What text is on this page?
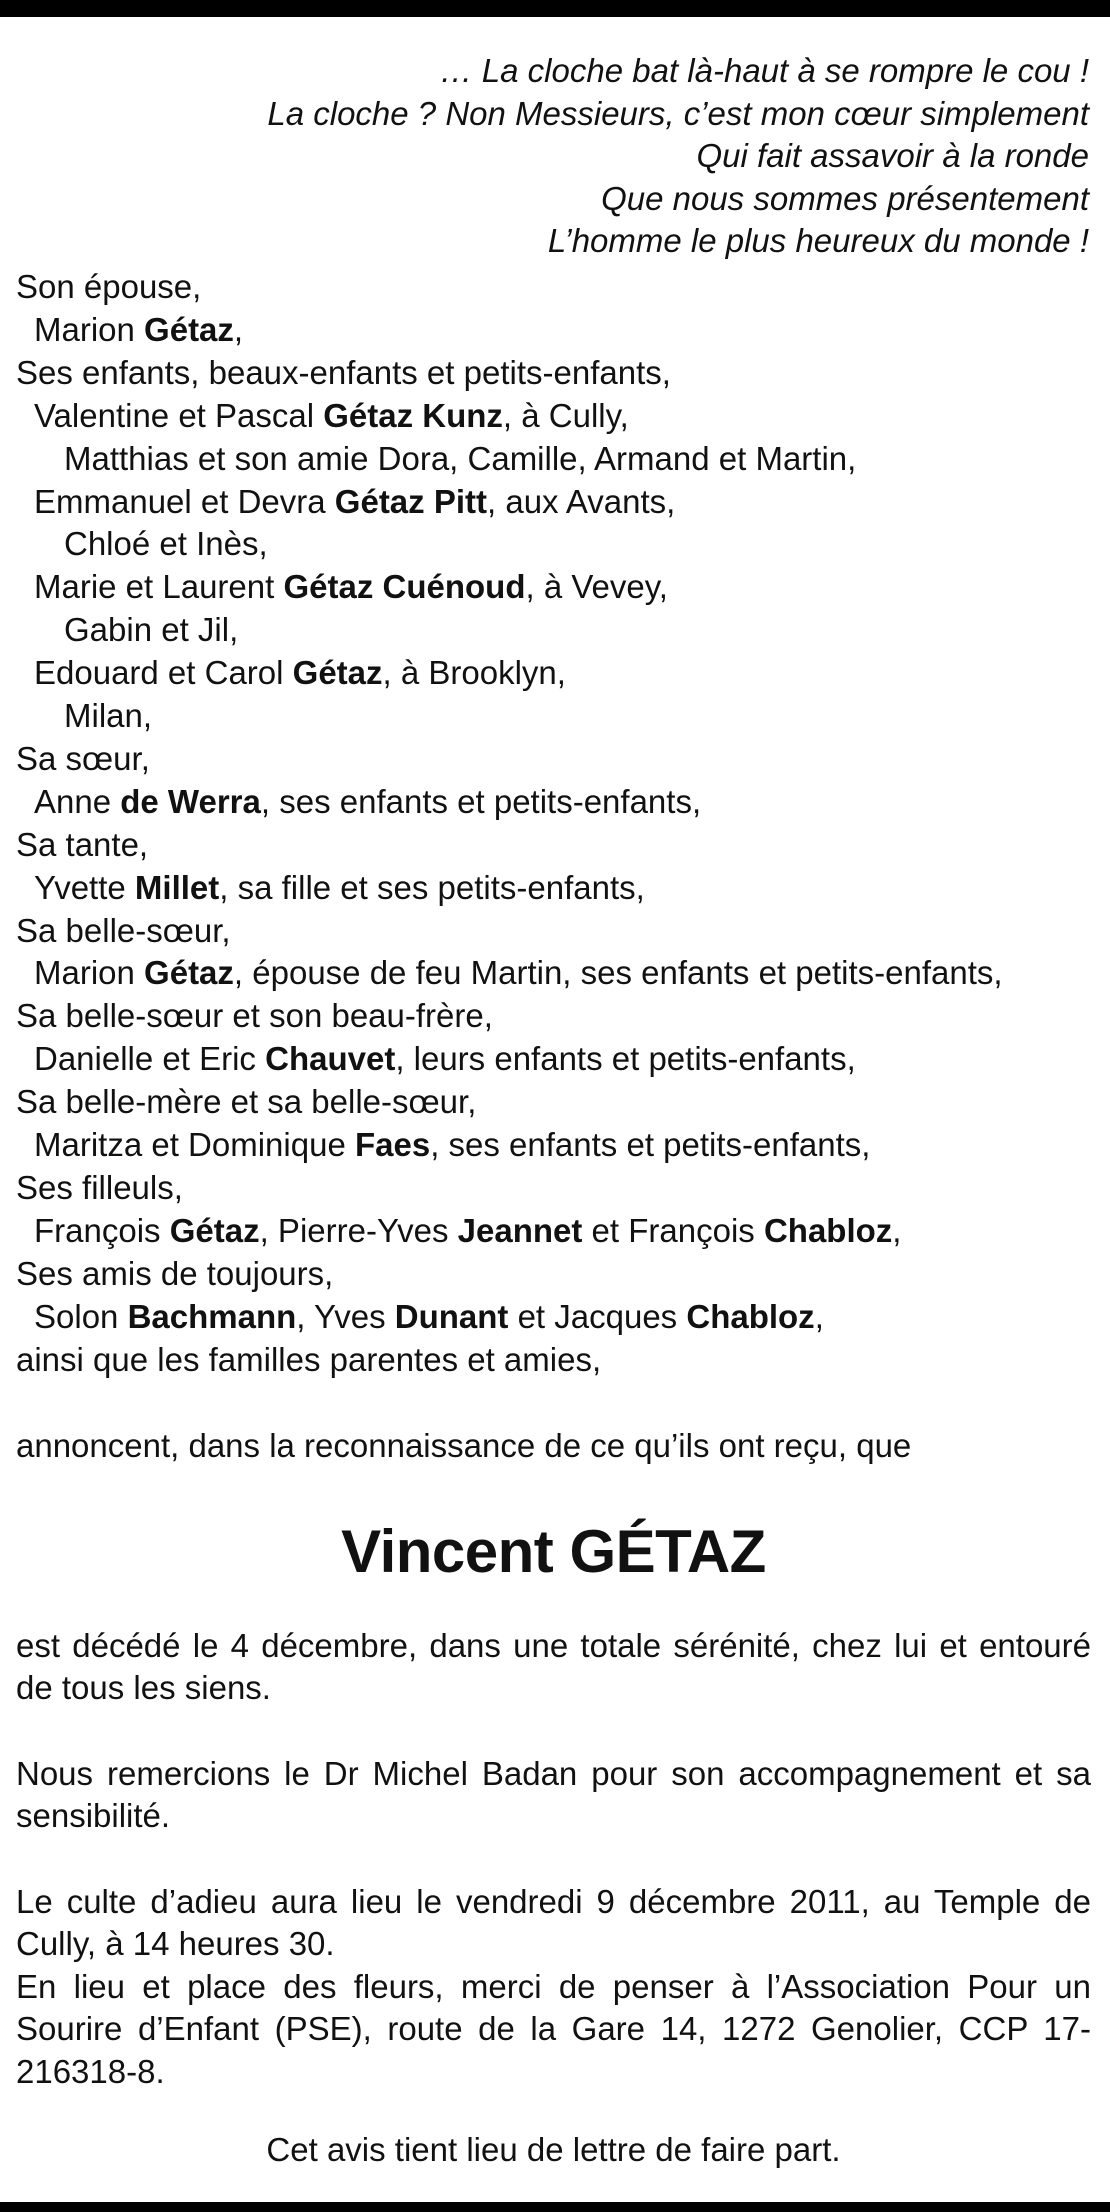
… La cloche bat là-haut à se rompre le cou !
La cloche ? Non Messieurs, c’est mon cœur simplement
Qui fait assavoir à la ronde
Que nous sommes présentement
L’homme le plus heureux du monde !
Son épouse,
Marion Gétaz,
Ses enfants, beaux-enfants et petits-enfants,
Valentine et Pascal Gétaz Kunz, à Cully,
Matthias et son amie Dora, Camille, Armand et Martin,
Emmanuel et Devra Gétaz Pitt, aux Avants,
Chloé et Inès,
Marie et Laurent Gétaz Cuénoud, à Vevey,
Gabin et Jil,
Edouard et Carol Gétaz, à Brooklyn,
Milan,
Sa sœur,
Anne de Werra, ses enfants et petits-enfants,
Sa tante,
Yvette Millet, sa fille et ses petits-enfants,
Sa belle-sœur,
Marion Gétaz, épouse de feu Martin, ses enfants et petits-enfants,
Sa belle-sœur et son beau-frère,
Danielle et Eric Chauvet, leurs enfants et petits-enfants,
Sa belle-mère et sa belle-sœur,
Maritza et Dominique Faes, ses enfants et petits-enfants,
Ses filleuls,
François Gétaz, Pierre-Yves Jeannet et François Chabloz,
Ses amis de toujours,
Solon Bachmann, Yves Dunant et Jacques Chabloz,
ainsi que les familles parentes et amies,
annoncent, dans la reconnaissance de ce qu’ils ont reçu, que
Vincent GÉTAZ
est décédé le 4 décembre, dans une totale sérénité, chez lui et entouré de tous les siens.
Nous remercions le Dr Michel Badan pour son accompagnement et sa sensibilité.
Le culte d’adieu aura lieu le vendredi 9 décembre 2011, au Temple de Cully, à 14 heures 30.
En lieu et place des fleurs, merci de penser à l’Association Pour un Sourire d’Enfant (PSE), route de la Gare 14, 1272 Genolier, CCP 17-216318-8.
Cet avis tient lieu de lettre de faire part.
